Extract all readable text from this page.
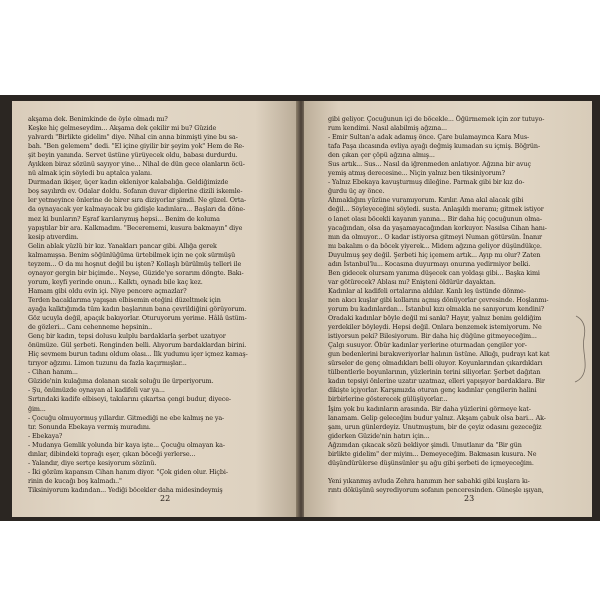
akşama dek. Benimkinde de öyle olmadı mı?
Keşke hiç gelmeseydim... Akşama dek çekilir mi bu? Güzide
yalvardı "Birlikte gidelim" diye. Nihal cin anna binmişti yine bu sa-
bah. "Ben gelemem" dedi. "El içine giyilir bir şeyim yok" Hem de Re-
şit beyin yanında. Servet üstüne yürüyecek oldu, babası durdurdu.
Ayıkken biraz sözünü sayıyor yine... Nihal de dün gece olanların öcü-
nü almak için söyledi bu aptalca yalanı.
Durmadan ikişer, üçer kadın ekleniyor kalabalığa. Geldiğimizde
boş sayılırdı ev. Odalar doldu. Sofanın duvar diplerine dizili iskemle-
ler yetmeyince önlerine de birer sıra diziyorlar şimdi. Ne güzel. Orta-
da oynayacak yer kalmayacak bu gidişle kadınlara... Başları da döne-
mez ki bunların? Eşraf karılarıymış hepsi... Benim de koluma
yapıştılar bir ara. Kalkmadım. "Becerememi, kusura bakmayın" diye
kesip atıverdim.
Gelin ablak yüzlü bir kız. Yanakları pancar gibi. Allığa gerek
kalmamışsa. Benim söğünlüğüma ürtebilmek için ne çok sürmüşü
teyzem... O da mı hoşnut değil bu işten? Kollaşlı bürülmüş telleri ile
oynayor gergin bir biçimde.. Neyse, Güzide'ye sorarım döngte. Bakı-
yorum, keyfi yerinde onun... Kalktı, oynadı bile kaç kez.
Hamam gibi oldu evin içi. Niye pencere açmazlar?
Terden bacaklarıma yapışan elbisemin eteğini düzeltmek için
ayağa kalktığımda tüm kadın başlarının bana çevrildiğini görüyorum.
Göz ucuyla değil, apaçık bakıyorlar. Oturuyorum yerime. Hâlâ üstüm-
de gözleri... Canı cehenneme hepsinin..
Genç bir kadın, tepsi dolusu kulplu bardaklarla şerbet uzatıyor
önümüze. Gül şerbeti. Renginden belli. Alıyorum bardaklardan birini.
Hiç sevmem burun tadını oldum olası... İlk yudumu içer içmez kamaş-
tırıyor ağzımı. Limon tuzunu da fazla kaçırmışlar...
- Cihan hanım...
Güzide'nin kulağıma dolanan sıcak soluğu ile ürperiyorum.
- Şu, önümüzde oynayan al kadifeli var ya...
Sırtındaki kadife elbiseyi, takılarını çıkartsa çengi budur, diyece-
ğim...
- Çocuğu olmuyormuş yıllardır. Gitmediği ne ebe kalmış ne ya-
tır. Sonunda Ebekaya vermiş muradını.
- Ebekaya?
- Mudanya Gemlik yolunda bir kaya işte... Çocuğu olmayan ka-
dınlar, dibindeki toprağı eşer, çıkan böceği yerlerse...
- Yalandır, diye sertçe kesiyorum sözünü.
- İki gözüm kapansın Cihan hanım diyor. "Çok giden olur. Hiçbi-
rinin de kucağı boş kalmadı.."
Tiksiniyorum kadından... Yediği böcekler daha midesindeymiş
22
gibi geliyor. Çocuğunun içi de böcekle... Öğürmemek için zor tutuyo-
rum kendimi. Nasıl alabilmiş ağzına...
- Emir Sultan'a adak adamış önce. Çare bulamayınca Kara Mus-
tafa Paşa ılıcasında evliya ayağı değmiş kumadan su içmiş. Böğrün-
den çıkan çer çöpü ağzına almış...
Sus artık... Sus... Nasıl da iğrenmeden anlatıyor. Ağzına bir avuç
yemiş atmış derecesine... Niçin yalnız ben tiksiniyorum?
- Yalnız Ebekaya kavuşturmuş dileğine. Parmak gibi bir kız do-
ğurdu üç ay önce.
Ahmaklığım yüzüne vuramıyorum. Kırılır. Ama akıl alacak gibi
değil... Söyleyeceğini söyledi. susta. Anlaşıldı meramı; gitmek istiyor
o lanet olası böcekli kayanın yanına... Bir daha hiç çocuğunun olma-
yacağından, olsa da yaşamayacağından korkuyor. Nasılsa Cihan hanı-
mın da olmuyor... O kadar istiyorsa gitmeyi Numan götürsün. İnanır
mı bakalım o da böcek yiyerek... Midem ağzına geliyor düşündükçe.
Duyulmuş şey değil. Şerbeti hiç içemem artık... Ayıp mı olur? Zaten
adın İstanbul'lu... Kocasına duyurmayı onurına yedirmiyor belki.
Ben gidecek olursam yanıma düşecek can yoldaşı gibi... Başka kimi
var götürecek? Ablası mı? Enişteni öldürür dayaktan.
Kadınlar al kadifeli ortalarına aldılar. Kanlı leş üstünde dönme-
nen akıcı kuşlar gibi kollarını açmış dönüyorlar çevresinde. Hoşlanmı-
yorum bu kadınlardan... İstanbul kızı olmakla ne sanıyorum kendini?
Oradaki kadınlar böyle değil mi sankı? Hayır, yalnız benim geldiğim
yerdekiler böyleydi. Hepsi değil. Onlara benzemek istemiyorum. Ne
istiyorsun peki? Bilesiyorum. Bir daha hiç düğüne gitmeyeceğim...
Çalgı susuyor. Öbür kadınlar yerlerine oturmadan çengiler yor-
gun bedenlerini bırakıveriyorlar halının üstüne. Alkığı, pudrayı kat kat
sürseler de genç olmadıkları belli oluyor. Koyunlarından çıkardıkları
tülbentlerle boyunlarının, yüzlerinin terini siliyorlar. Şerbet dağıtan
kadın tepsiyi önlerine uzatır uzatmaz, elleri yapışıyor bardaklara. Bir
dikişte içiyorlar. Karşımızda oturan genç kadınlar çengilerin halini
birbirlerine gösterecek gülüşüyorlar...
İşim yok bu kadınların arasında. Bir daha yüzlerini görmeye kat-
lanamam. Gelip geleceğim budur yalnız. Akşam çabuk olsa bari... Ak-
şam, urun günlerdeyiz. Unutmuştum, bir de çeyiz odasını gezeceğiz
giderken Güzide'nin hatırı için...
Ağzımdan çıkacak sözü bekliyor şimdi. Umutlanır da "Bir gün
birlikte gidelim" der miyim... Demeyeceğim. Bakmasın kusura. Ne
düşündürülerse düşünsünler şu ağu gibi şerbeti de içmeyeceğim.

Yeni yıkanmış avluda Zehra hanımın her sabahki gibi kuşlara kı-
rıntı döküşünü seyrediyorum sofanın penceresinden. Güneşle ışıyan,
23
